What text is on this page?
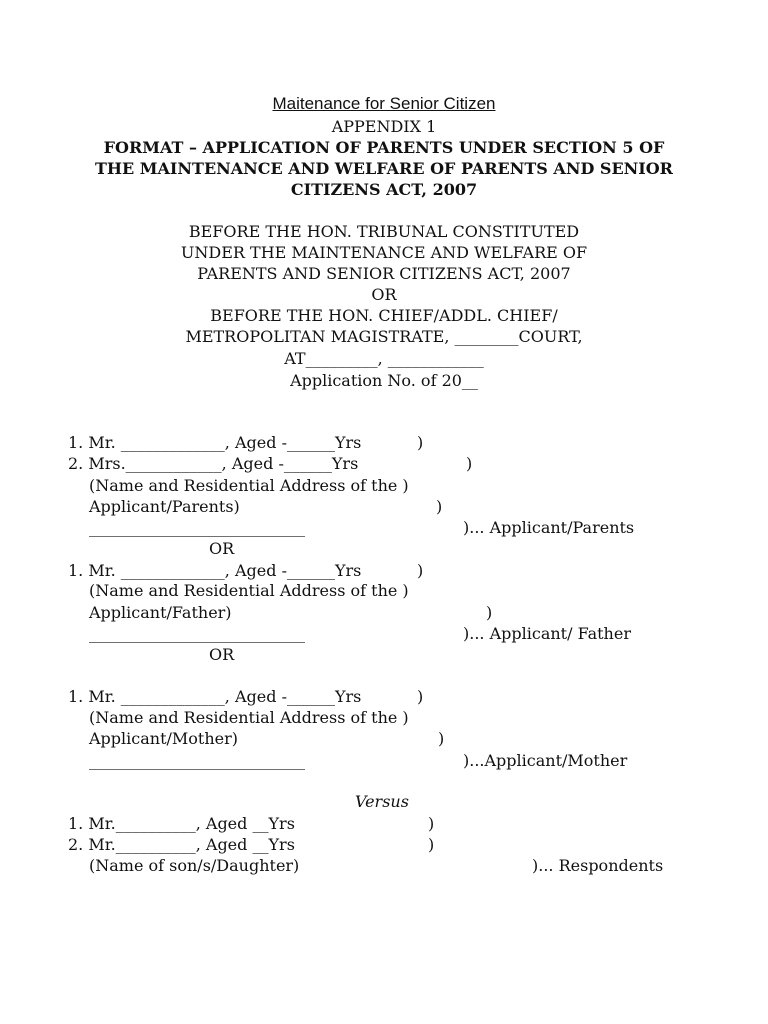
Maitenance for Senior Citizen
APPENDIX 1
FORMAT – APPLICATION OF PARENTS UNDER SECTION 5 OF
THE MAINTENANCE AND WELFARE OF PARENTS AND SENIOR
CITIZENS ACT, 2007
BEFORE THE HON. TRIBUNAL CONSTITUTED
UNDER THE MAINTENANCE AND WELFARE OF
PARENTS AND SENIOR CITIZENS ACT, 2007
OR
BEFORE THE HON. CHIEF/ADDL. CHIEF/
METROPOLITAN MAGISTRATE, ________COURT,
AT_________, ____________
Application No. of 20__
1. Mr. _____________, Aged -______Yrs	)
2. Mrs.____________, Aged -______Yrs	)
(Name and Residential Address of the )
Applicant/Parents)	)
___________________________	)... Applicant/Parents
OR
1. Mr. _____________, Aged -______Yrs	)
(Name and Residential Address of the )
Applicant/Father)	)
___________________________	)... Applicant/ Father
OR
1. Mr. _____________, Aged -______Yrs	)
(Name and Residential Address of the )
Applicant/Mother)	)
___________________________	)...Applicant/Mother
Versus
1. Mr.__________, Aged __Yrs	)
2. Mr.__________, Aged __Yrs	)
(Name of son/s/Daughter)	)... Respondents
